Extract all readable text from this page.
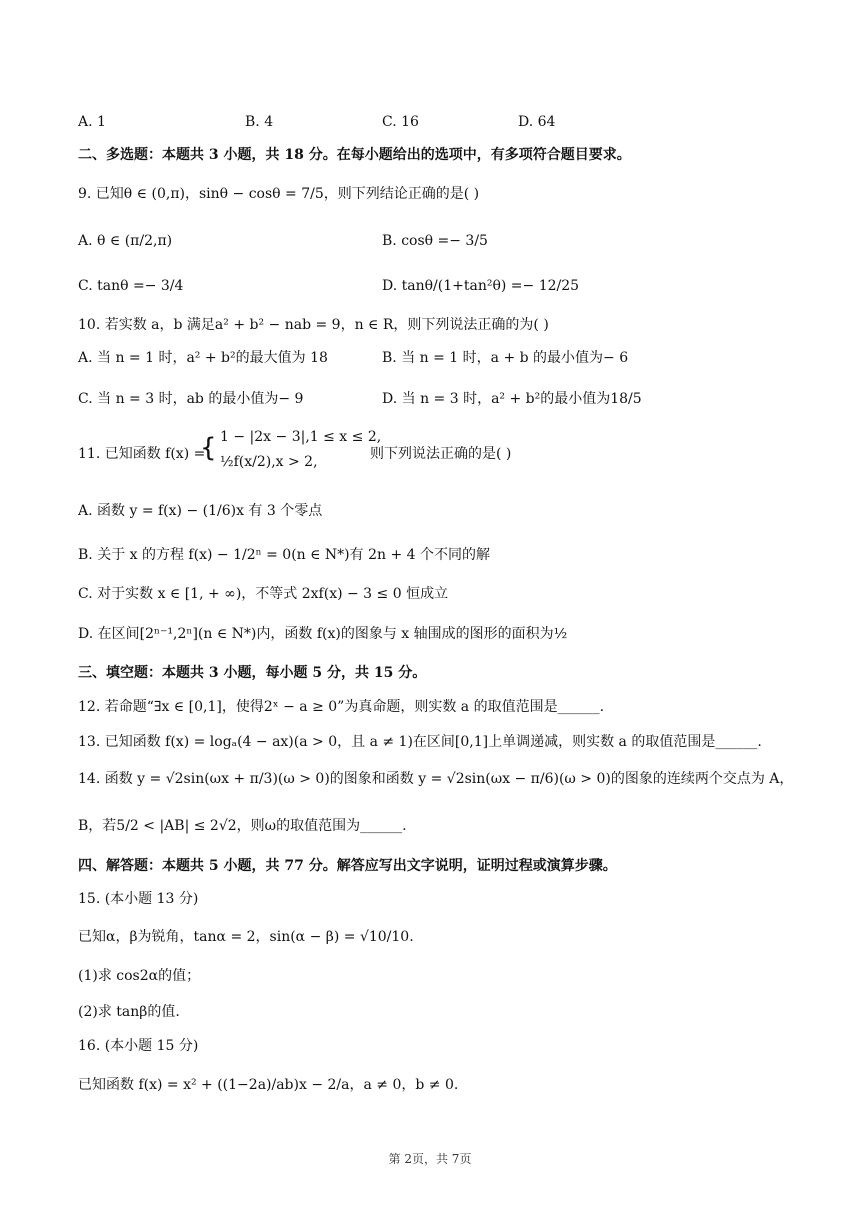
A. 1	B. 4	C. 16	D. 64
二、多选题：本题共 3 小题，共 18 分。在每小题给出的选项中，有多项符合题目要求。
9. 已知θ ∈ (0,π)，sinθ − cosθ = 7/5，则下列结论正确的是( )
A. θ ∈ (π/2,π)	B. cosθ =− 3/5
C. tanθ =− 3/4	D. tanθ/(1+tan²θ) =− 12/25
10. 若实数 a，b 满足a² + b² − nab = 9，n ∈ R，则下列说法正确的为( )
A. 当 n = 1 时，a² + b²的最大值为 18	B. 当 n = 1 时，a + b 的最小值为− 6
C. 当 n = 3 时，ab 的最小值为− 9	D. 当 n = 3 时，a² + b²的最小值为18/5
11. 已知函数 f(x) =
{ 1 − |2x − 3|,1 ≤ x ≤ 2,
½f(x/2),x > 2,	则下列说法正确的是( )
A. 函数 y = f(x) − (1/6)x 有 3 个零点
B. 关于 x 的方程 f(x) − 1/2ⁿ = 0(n ∈ N*)有 2n + 4 个不同的解
C. 对于实数 x ∈ [1, + ∞)，不等式 2xf(x) − 3 ≤ 0 恒成立
D. 在区间[2ⁿ⁻¹,2ⁿ](n ∈ N*)内，函数 f(x)的图象与 x 轴围成的图形的面积为½
三、填空题：本题共 3 小题，每小题 5 分，共 15 分。
12. 若命题“∃x ∈ [0,1]，使得2ˣ − a ≥ 0”为真命题，则实数 a 的取值范围是______.
13. 已知函数 f(x) = logₐ(4 − ax)(a > 0，且 a ≠ 1)在区间[0,1]上单调递减，则实数 a 的取值范围是______.
14. 函数 y = √2sin(ωx + π/3)(ω > 0)的图象和函数 y = √2sin(ωx − π/6)(ω > 0)的图象的连续两个交点为 A，
B，若5/2 < |AB| ≤ 2√2，则ω的取值范围为______.
四、解答题：本题共 5 小题，共 77 分。解答应写出文字说明，证明过程或演算步骤。
15. (本小题 13 分)
已知α，β为锐角，tanα = 2，sin(α − β) = √10/10.
(1)求 cos2α的值；
(2)求 tanβ的值.
16. (本小题 15 分)
已知函数 f(x) = x² + ((1−2a)/ab)x − 2/a，a ≠ 0，b ≠ 0.
第 2页，共 7页
